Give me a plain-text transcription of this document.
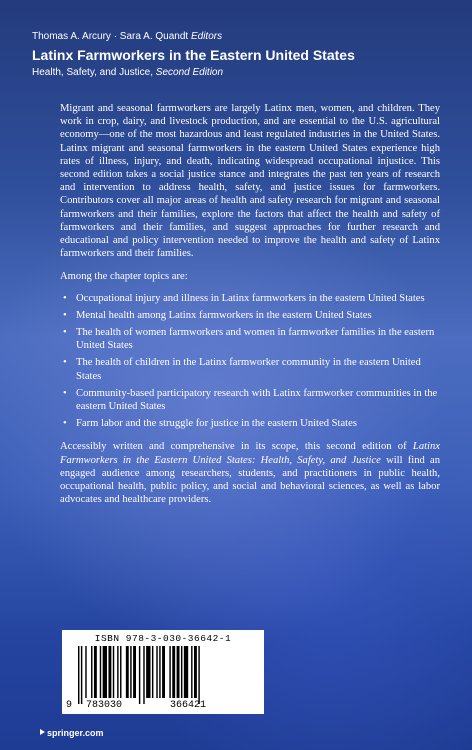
Thomas A. Arcury · Sara A. Quandt Editors
Latinx Farmworkers in the Eastern United States
Health, Safety, and Justice, Second Edition

Migrant and seasonal farmworkers are largely Latinx men, women, and children. They work in crop, dairy, and livestock production, and are essential to the U.S. agricultural economy—one of the most hazardous and least regulated industries in the United States. Latinx migrant and seasonal farmworkers in the eastern United States experience high rates of illness, injury, and death, indicating widespread occupational injustice. This second edition takes a social justice stance and integrates the past ten years of research and intervention to address health, safety, and justice issues for farmworkers. Contributors cover all major areas of health and safety research for migrant and seasonal farmworkers and their families, explore the factors that affect the health and safety of farmworkers and their families, and suggest approaches for further research and educational and policy intervention needed to improve the health and safety of Latinx farmworkers and their families.

Among the chapter topics are:

• Occupational injury and illness in Latinx farmworkers in the eastern United States
• Mental health among Latinx farmworkers in the eastern United States
• The health of women farmworkers and women in farmworker families in the eastern United States
• The health of children in the Latinx farmworker community in the eastern United States
• Community-based participatory research with Latinx farmworker communities in the eastern United States
• Farm labor and the struggle for justice in the eastern United States

Accessibly written and comprehensive in its scope, this second edition of Latinx Farmworkers in the Eastern United States: Health, Safety, and Justice will find an engaged audience among researchers, students, and practitioners in public health, occupational health, public policy, and social and behavioral sciences, as well as labor advocates and healthcare providers.

ISBN 978-3-030-36642-1
9 783030	366421
springer.com
